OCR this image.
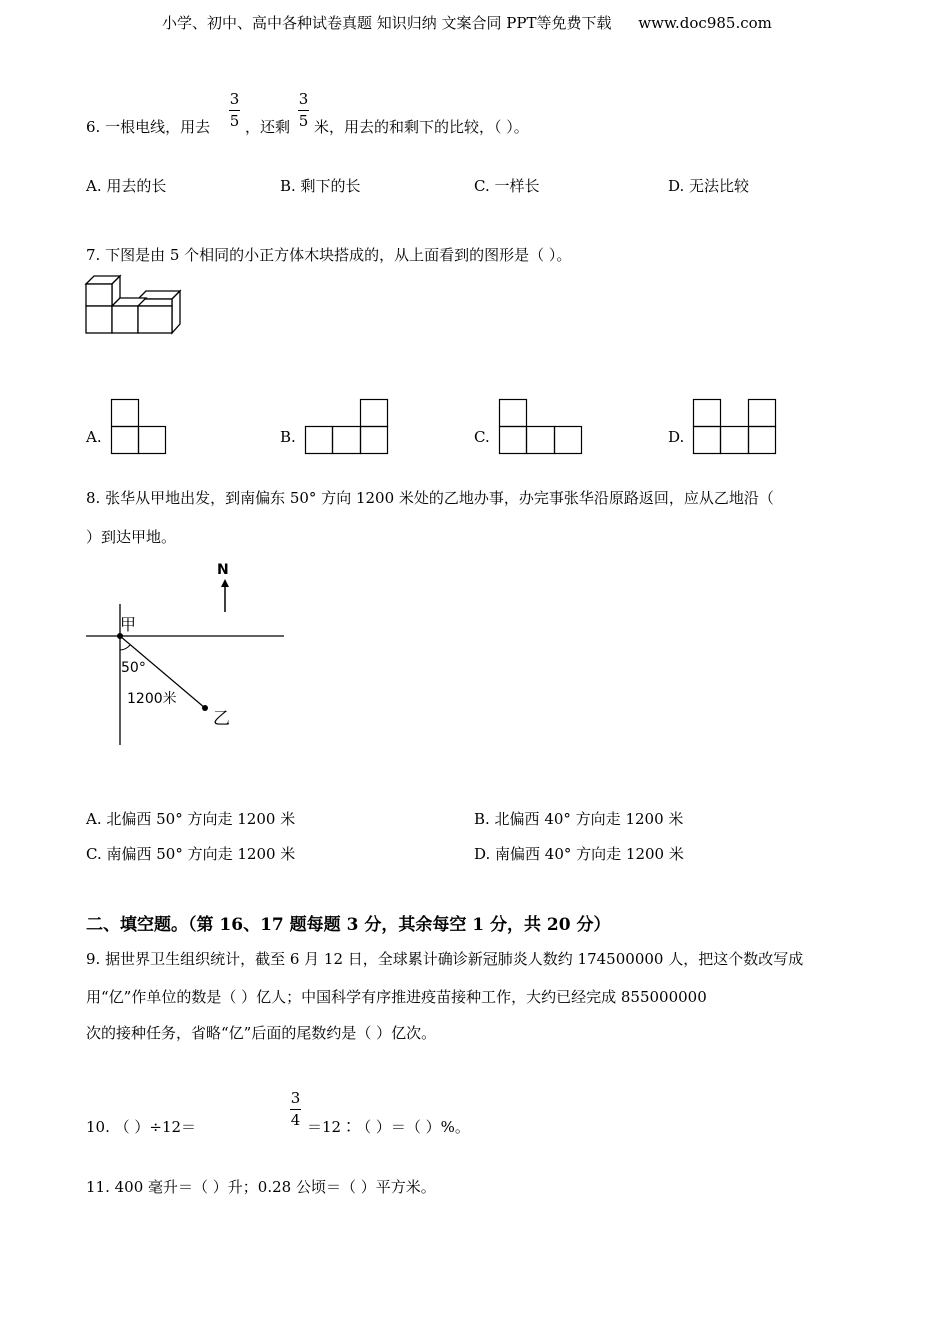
小学、初中、高中各种试卷真题 知识归纳 文案合同 PPT等免费下载 www.doc985.com
6. 一根电线，用去
3
5 ，还剩
3
5 米，用去的和剩下的比较，（ ）。
A. 用去的长	B. 剩下的长	C. 一样长	D. 无法比较
7. 下图是由 5 个相同的小正方体木块搭成的，从上面看到的图形是（ ）。
A.	B.	C.	D.
8. 张华从甲地出发，到南偏东 50° 方向 1200 米处的乙地办事，办完事张华沿原路返回，应从乙地沿（
）到达甲地。
N
甲
50°
1200米
乙
A. 北偏西 50° 方向走 1200 米	B. 北偏西 40° 方向走 1200 米
C. 南偏西 50° 方向走 1200 米	D. 南偏西 40° 方向走 1200 米
二、填空题。（第 16、17 题每题 3 分，其余每空 1 分，共 20 分）
9. 据世界卫生组织统计，截至 6 月 12 日，全球累计确诊新冠肺炎人数约 174500000 人，把这个数改写成
用“亿”作单位的数是（ ）亿人；中国科学有序推进疫苗接种工作，大约已经完成 855000000
次的接种任务，省略“亿”后面的尾数约是（ ）亿次。
10. （ ）÷12＝
3
4 ＝12∶（ ）＝（ ）%。
11. 400 毫升＝（ ）升；0.28 公顷＝（ ）平方米。
